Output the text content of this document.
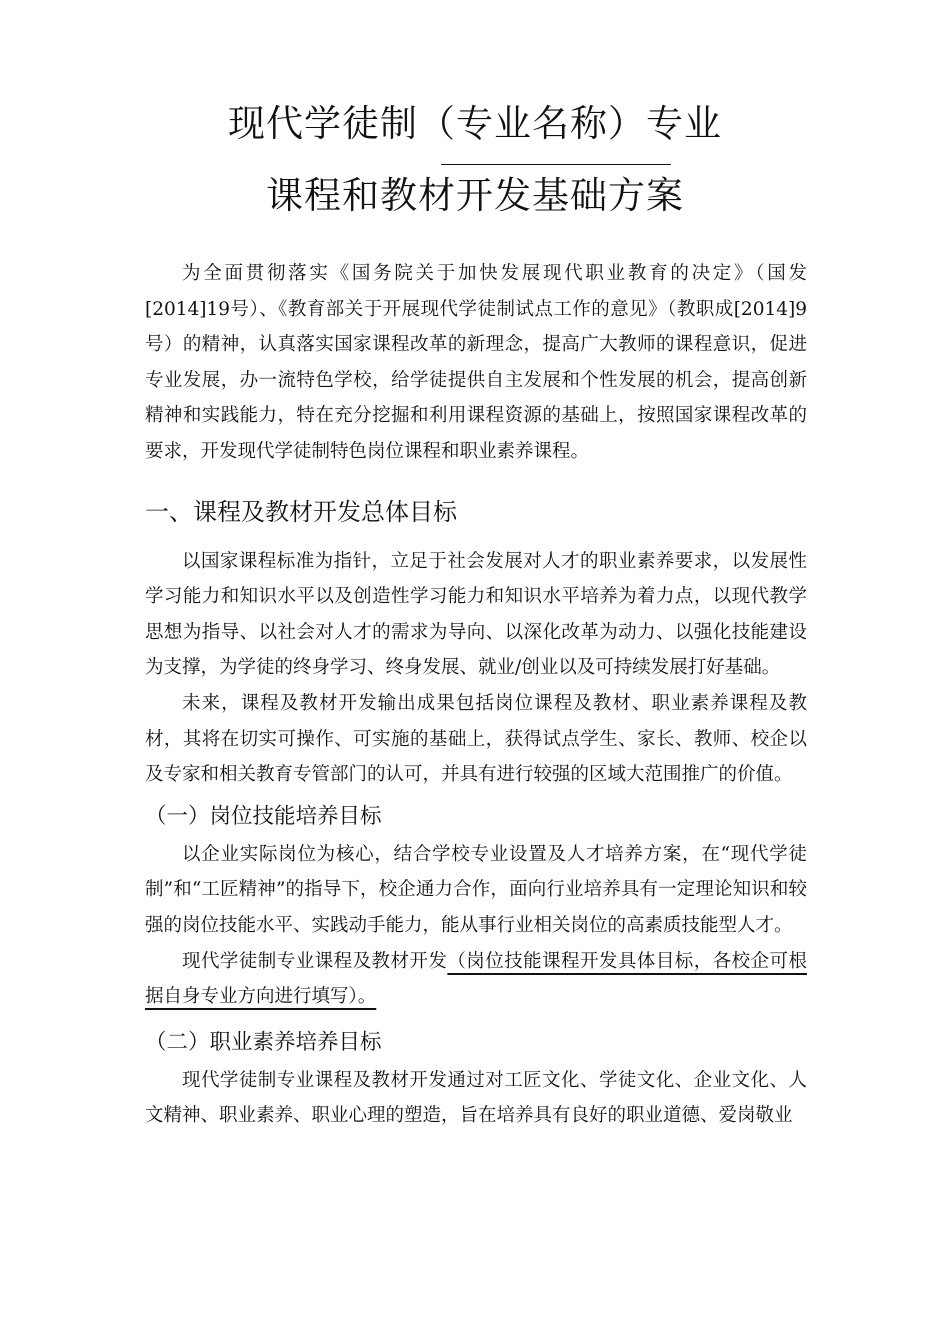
现代学徒制（专业名称）专业
课程和教材开发基础方案

为全面贯彻落实《国务院关于加快发展现代职业教育的决定》（国发[2014]19号）、《教育部关于开展现代学徒制试点工作的意见》（教职成[2014]9号）的精神，认真落实国家课程改革的新理念，提高广大教师的课程意识，促进专业发展，办一流特色学校，给学徒提供自主发展和个性发展的机会，提高创新精神和实践能力，特在充分挖掘和利用课程资源的基础上，按照国家课程改革的要求，开发现代学徒制特色岗位课程和职业素养课程。

一、课程及教材开发总体目标

以国家课程标准为指针，立足于社会发展对人才的职业素养要求，以发展性学习能力和知识水平以及创造性学习能力和知识水平培养为着力点，以现代教学思想为指导、以社会对人才的需求为导向、以深化改革为动力、以强化技能建设为支撑，为学徒的终身学习、终身发展、就业/创业以及可持续发展打好基础。

未来，课程及教材开发输出成果包括岗位课程及教材、职业素养课程及教材，其将在切实可操作、可实施的基础上，获得试点学生、家长、教师、校企以及专家和相关教育专管部门的认可，并具有进行较强的区域大范围推广的价值。

（一）岗位技能培养目标

以企业实际岗位为核心，结合学校专业设置及人才培养方案，在“现代学徒制”和“工匠精神”的指导下，校企通力合作，面向行业培养具有一定理论知识和较强的岗位技能水平、实践动手能力，能从事行业相关岗位的高素质技能型人才。

现代学徒制专业课程及教材开发（岗位技能课程开发具体目标，各校企可根据自身专业方向进行填写）。

（二）职业素养培养目标

现代学徒制专业课程及教材开发通过对工匠文化、学徒文化、企业文化、人文精神、职业素养、职业心理的塑造，旨在培养具有良好的职业道德、爱岗敬业
